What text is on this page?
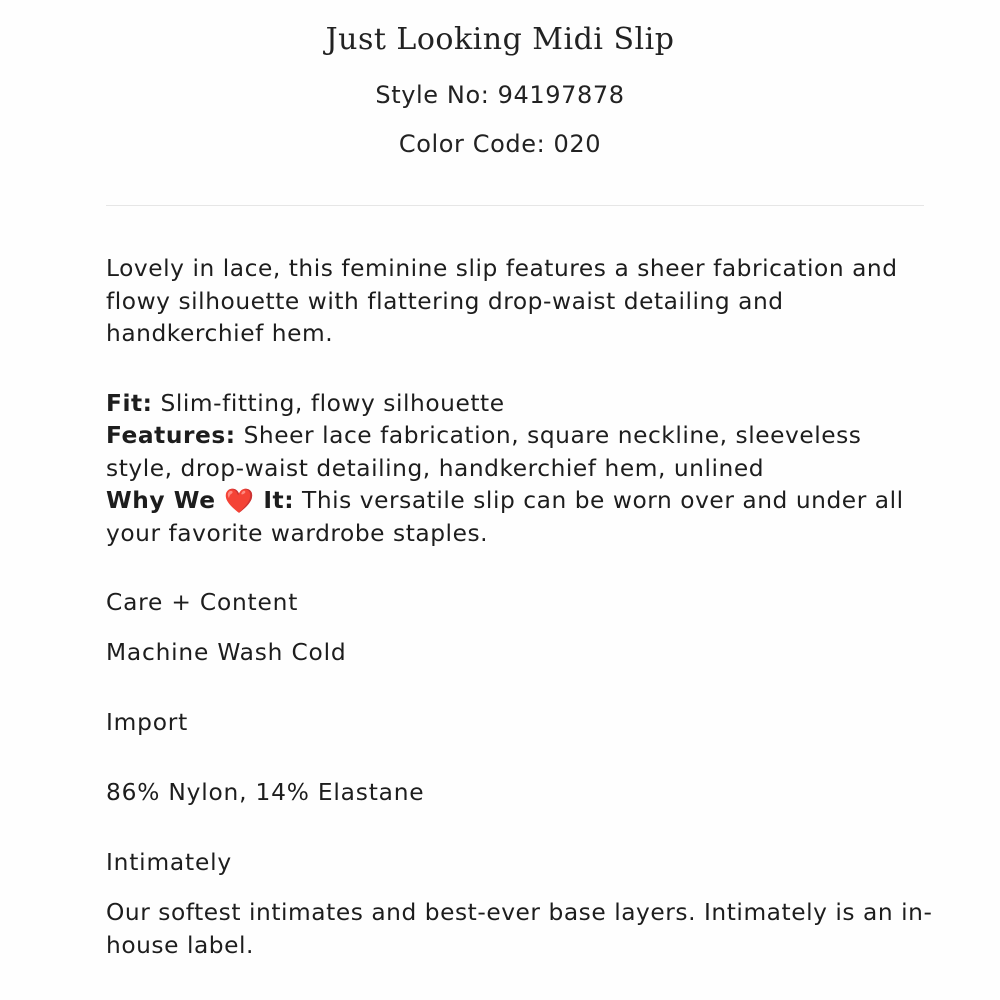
Just Looking Midi Slip
Style No: 94197878
Color Code: 020

Lovely in lace, this feminine slip features a sheer fabrication and flowy silhouette with flattering drop-waist detailing and handkerchief hem.

Fit: Slim-fitting, flowy silhouette

Features: Sheer lace fabrication, square neckline, sleeveless style, drop-waist detailing, handkerchief hem, unlined

Why We ❤️ It: This versatile slip can be worn over and under all your favorite wardrobe staples.

Care + Content
Machine Wash Cold
Import
86% Nylon, 14% Elastane
Intimately
Our softest intimates and best-ever base layers. Intimately is an in-house label.
